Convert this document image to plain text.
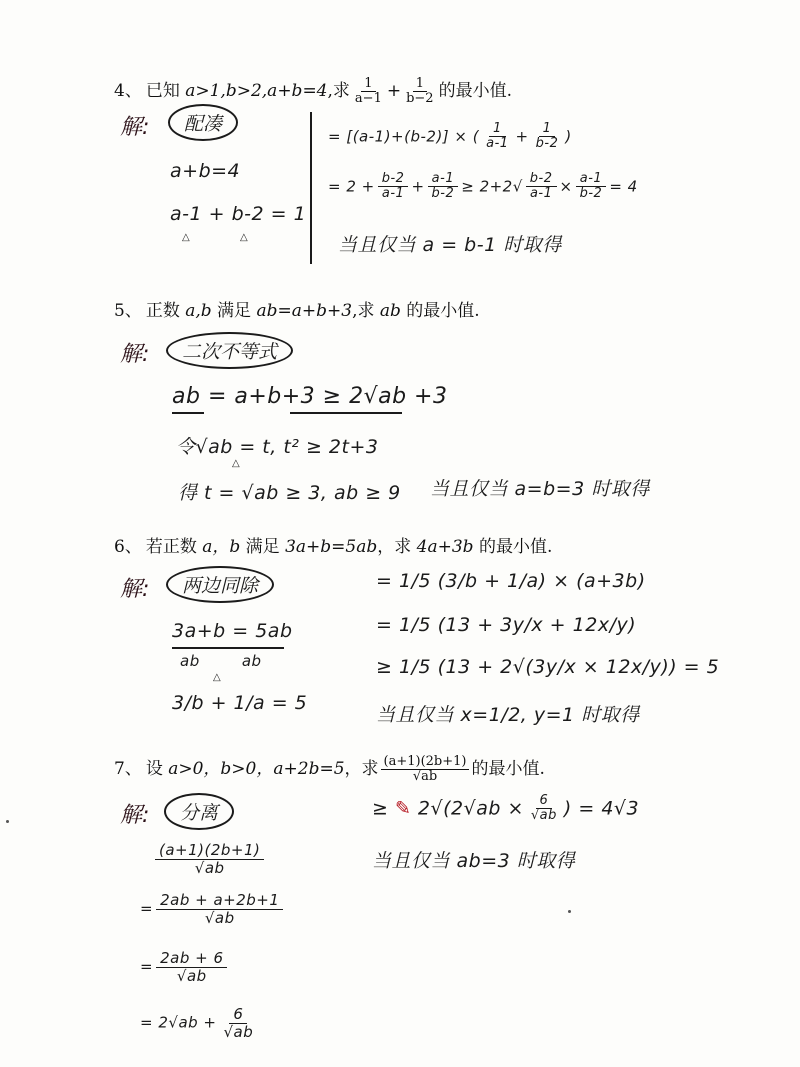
4、 已知 a>1,b>2,a+b=4,求 $\frac{1}{a-1} + \frac{1}{b-2}$ 的最小值.
解:	配凑
a+b=4
a-1 + b-2 = 1
△	△
= [(a-1)+(b-2)] × ( $\frac{1}{a-1} + \frac{1}{b-2}$ )
= $2 + \frac{b-2}{a-1} + \frac{a-1}{b-2} \ge 2+2√ \frac{b-2}{a-1} \times \frac{a-1}{b-2} = 4$
当且仅当 a = b-1 时取得
5、 正数 a,b 满足 ab=a+b+3,求 ab 的最小值.
解:	二次不等式
ab = a+b+3 ≥ 2√ab +3
令√ab = t, t² ≥ 2t+3
△
得 t = √ab ≥ 3, ab ≥ 9 当且仅当 a=b=3 时取得
6、 若正数 a，b 满足 3a+b=5ab，求 4a+3b 的最小值.
解:	两边同除
3a+b = 5ab
ab        ab
△
3/b + 1/a = 5
= 1/5 (3/b + 1/a) × (a+3b)
= 1/5 (13 + 3y/x + 12x/y)
≥ 1/5 (13 + 2√(3y/x × 12x/y)) = 5
当且仅当 x=1/2, y=1 时取得
7、 设 a>0，b>0，a+2b=5，求 $\frac{(a+1)(2b+1)}{√ab}$ 的最小值.
解:	分离
$\frac{(a+1)(2b+1)}{√ab}$
= $\frac{2ab + a+2b+1}{√ab}$
= $\frac{2ab + 6}{√ab}$
= $2√ab + \frac{6}{√ab}$
≥ ✎ $2√(2√ab \times \frac{6}{√ab}$ ) = 4√3
当且仅当 ab=3 时取得
